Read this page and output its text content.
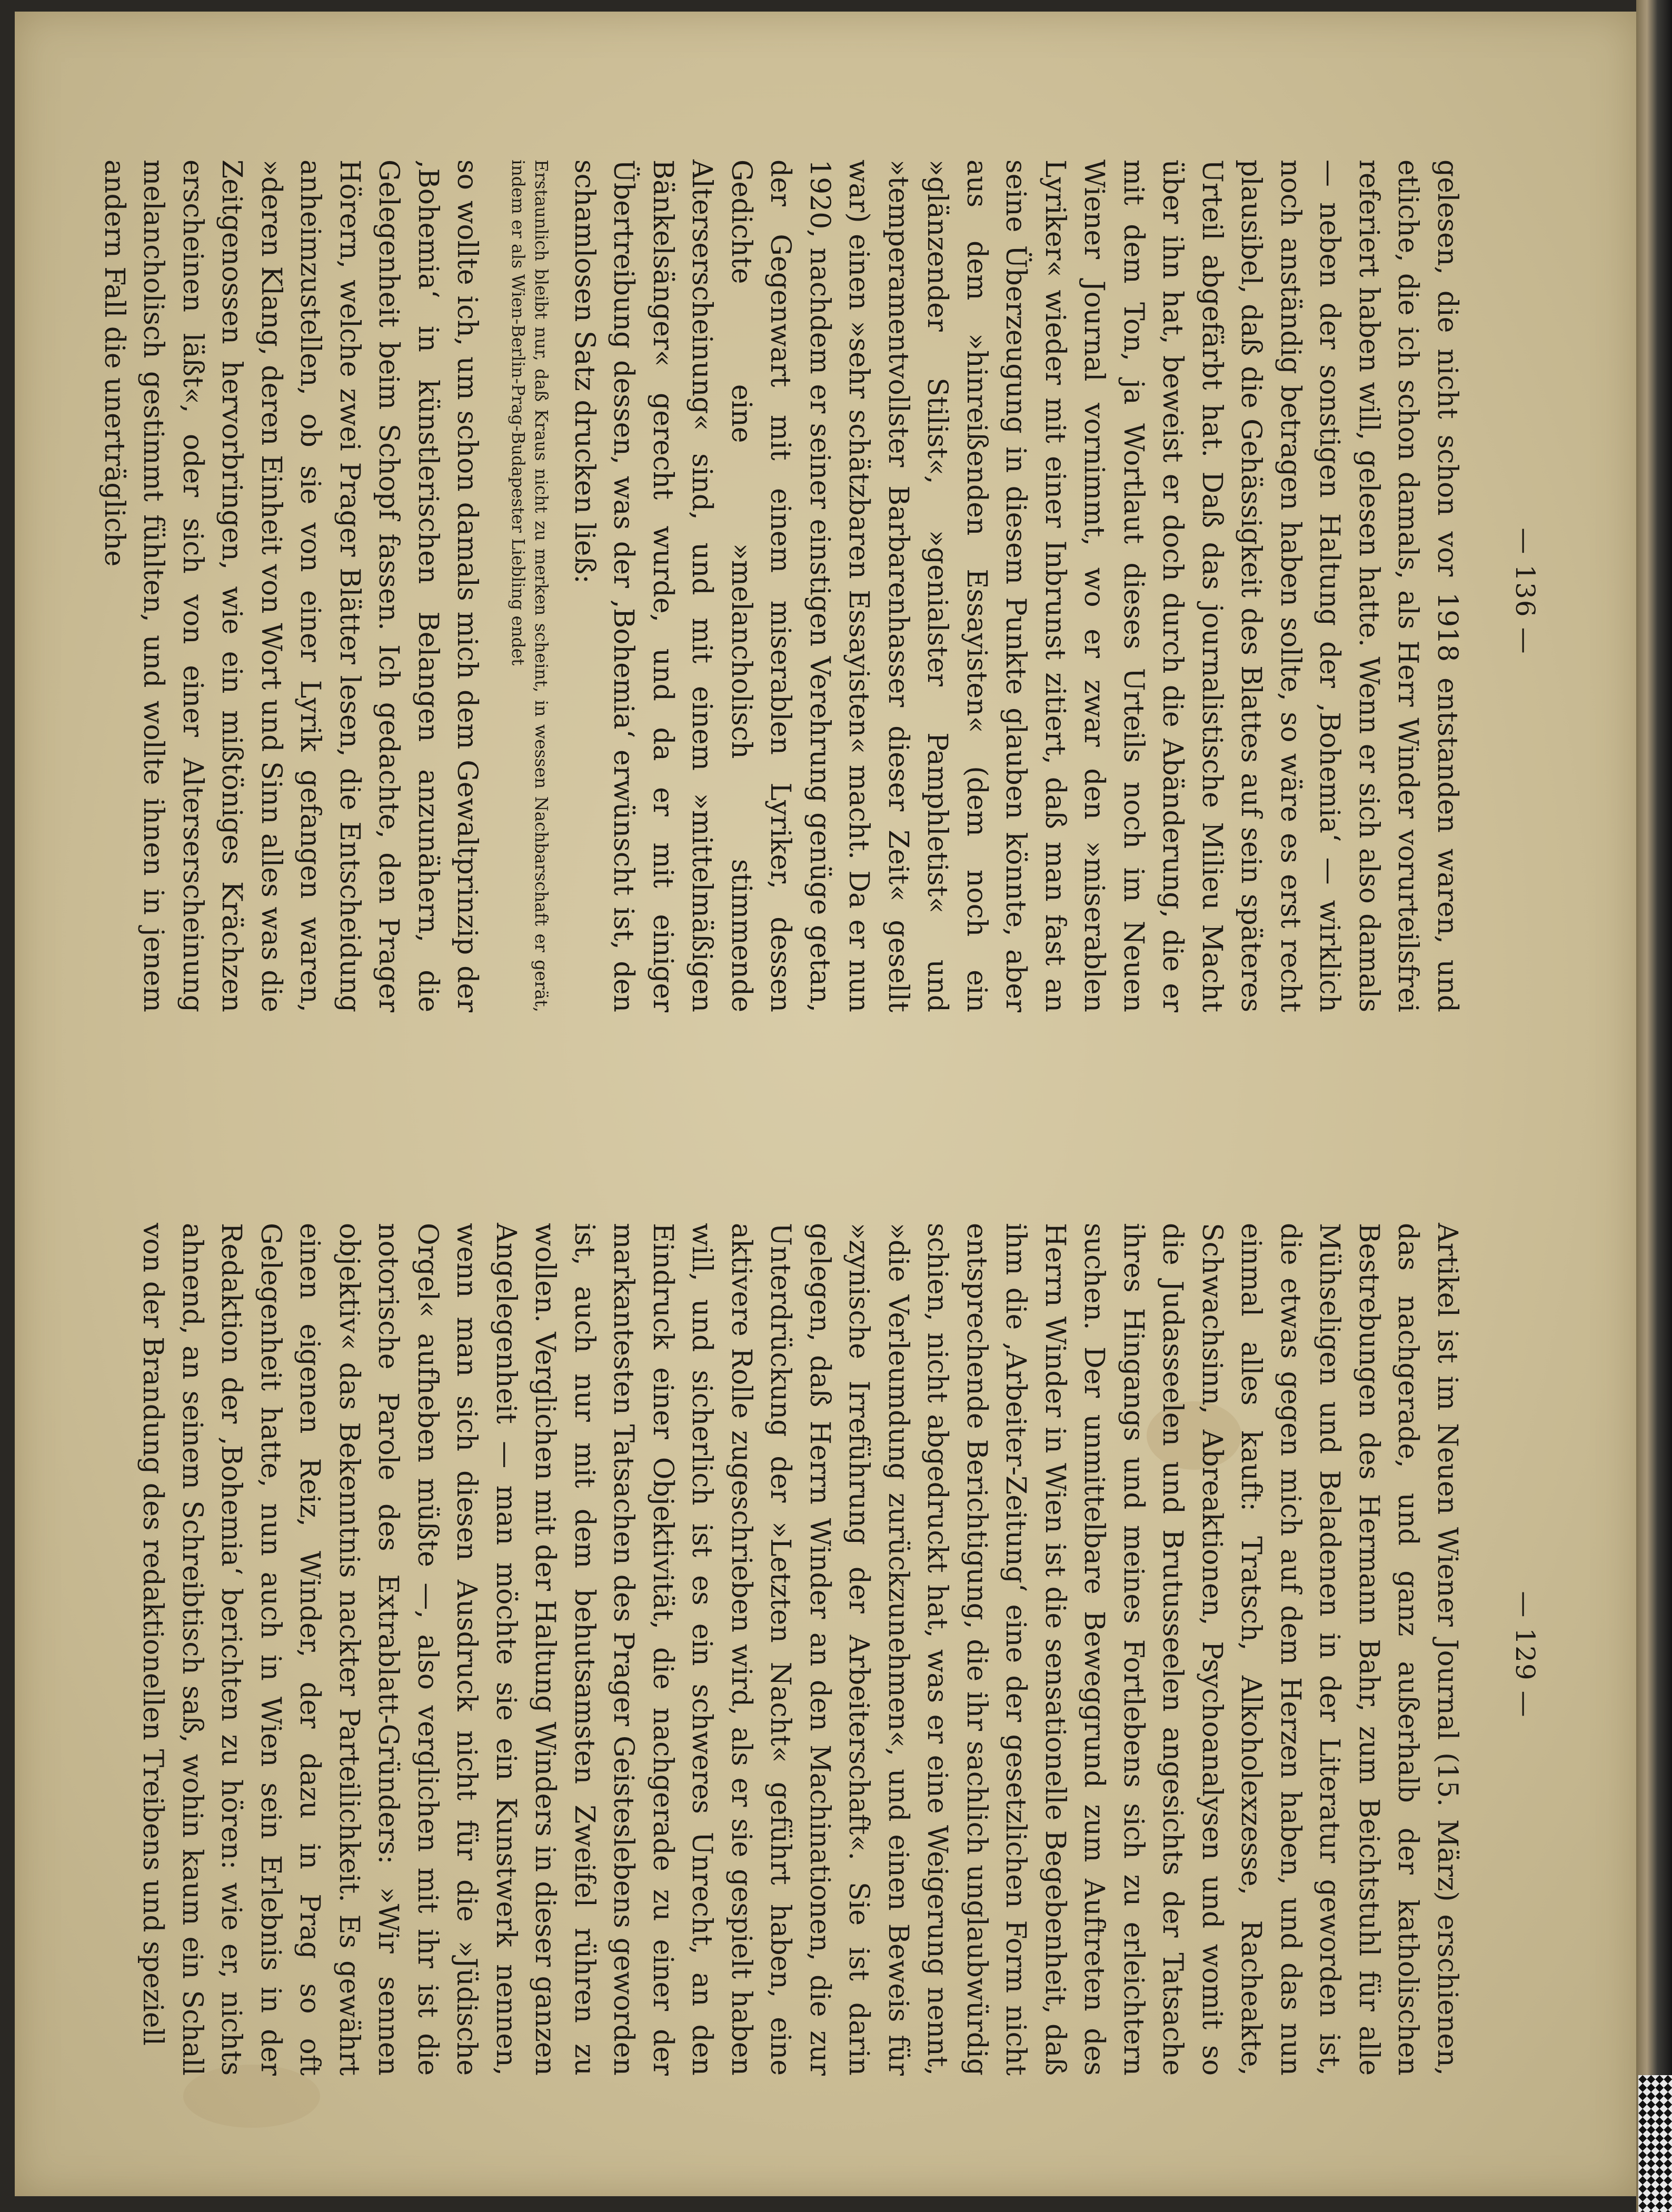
— 136 —

gelesen, die nicht schon vor 1918 entstanden waren, und etliche, die ich schon damals, als Herr Winder vorurteilsfrei referiert haben will, gelesen hatte. Wenn er sich also damals — neben der sonstigen Haltung der ‚Bohemia‘ — wirklich noch anständig betragen haben sollte, so wäre es erst recht plausibel, daß die Gehässigkeit des Blattes auf sein späteres Urteil abgefärbt hat. Daß das journalistische Milieu Macht über ihn hat, beweist er doch durch die Abänderung, die er mit dem Ton, ja Wortlaut dieses Urteils noch im Neuen Wiener Journal vornimmt, wo er zwar den »miserablen Lyriker« wieder mit einer Inbrunst zitiert, daß man fast an seine Überzeugung in diesem Punkte glauben könnte, aber aus dem »hinreißenden Essayisten« (dem noch ein »glänzender Stilist«, »genialster Pamphletist« und »temperamentvollster Barbarenhasser dieser Zeit« gesellt war) einen »sehr schätzbaren Essayisten« macht. Da er nun 1920, nachdem er seiner einstigen Verehrung genüge getan, der Gegenwart mit einem miserablen Lyriker, dessen Gedichte eine »melancholisch stimmende Alterserscheinung« sind, und mit einem »mittelmäßigen Bänkelsänger« gerecht wurde, und da er mit einiger Übertreibung dessen, was der ‚Bohemia‘ erwünscht ist, den schamlosen Satz drucken ließ:

Erstaunlich bleibt nur, daß Kraus nicht zu merken scheint, in wessen Nachbarschaft er gerät, indem er als Wien-Berlin-Prag-Budapester Liebling endet

so wollte ich, um schon damals mich dem Gewaltprinzip der ‚Bohemia‘ in künstlerischen Belangen anzunähern, die Gelegenheit beim Schopf fassen. Ich gedachte, den Prager Hörern, welche zwei Prager Blätter lesen, die Entscheidung anheimzustellen, ob sie von einer Lyrik gefangen waren, »deren Klang, deren Einheit von Wort und Sinn alles was die Zeitgenossen hervorbringen, wie ein mißtöniges Krächzen erscheinen läßt«, oder sich von einer Alterserscheinung melancholisch gestimmt fühlten, und wollte ihnen in jenem andern Fall die unerträgliche

— 129 —

Artikel ist im Neuen Wiener Journal (15. März) erschienen, das nachgerade, und ganz außerhalb der katholischen Bestrebungen des Hermann Bahr, zum Beichtstuhl für alle Mühseligen und Beladenen in der Literatur geworden ist, die etwas gegen mich auf dem Herzen haben, und das nun einmal alles kauft: Tratsch, Alkoholexzesse, Racheakte, Schwachsinn, Abreaktionen, Psychoanalysen und womit so die Judasseelen und Brutusseelen angesichts der Tatsache ihres Hingangs und meines Fortlebens sich zu erleichtern suchen. Der unmittelbare Beweggrund zum Auftreten des Herrn Winder in Wien ist die sensationelle Begebenheit, daß ihm die ‚Arbeiter-Zeitung‘ eine der gesetzlichen Form nicht entsprechende Berichtigung, die ihr sachlich unglaubwürdig schien, nicht abgedruckt hat, was er eine Weigerung nennt, »die Verleumdung zurückzunehmen«, und einen Beweis für »zynische Irreführung der Arbeiterschaft«. Sie ist darin gelegen, daß Herrn Winder an den Machinationen, die zur Unterdrückung der »Letzten Nacht« geführt haben, eine aktivere Rolle zugeschrieben wird, als er sie gespielt haben will, und sicherlich ist es ein schweres Unrecht, an den Eindruck einer Objektivität, die nachgerade zu einer der markantesten Tatsachen des Prager Geisteslebens geworden ist, auch nur mit dem behutsamsten Zweifel rühren zu wollen. Verglichen mit der Haltung Winders in dieser ganzen Angelegenheit — man möchte sie ein Kunstwerk nennen, wenn man sich diesen Ausdruck nicht für die »Jüdische Orgel« aufheben müßte —, also verglichen mit ihr ist die notorische Parole des Extrablatt-Gründers: »Wir sennen objektiv« das Bekenntnis nackter Parteilichkeit. Es gewährt einen eigenen Reiz, Winder, der dazu in Prag so oft Gelegenheit hatte, nun auch in Wien sein Erlebnis in der Redaktion der ‚Bohemia‘ berichten zu hören: wie er, nichts ahnend, an seinem Schreibtisch saß, wohin kaum ein Schall von der Brandung des redaktionellen Treibens und speziell
